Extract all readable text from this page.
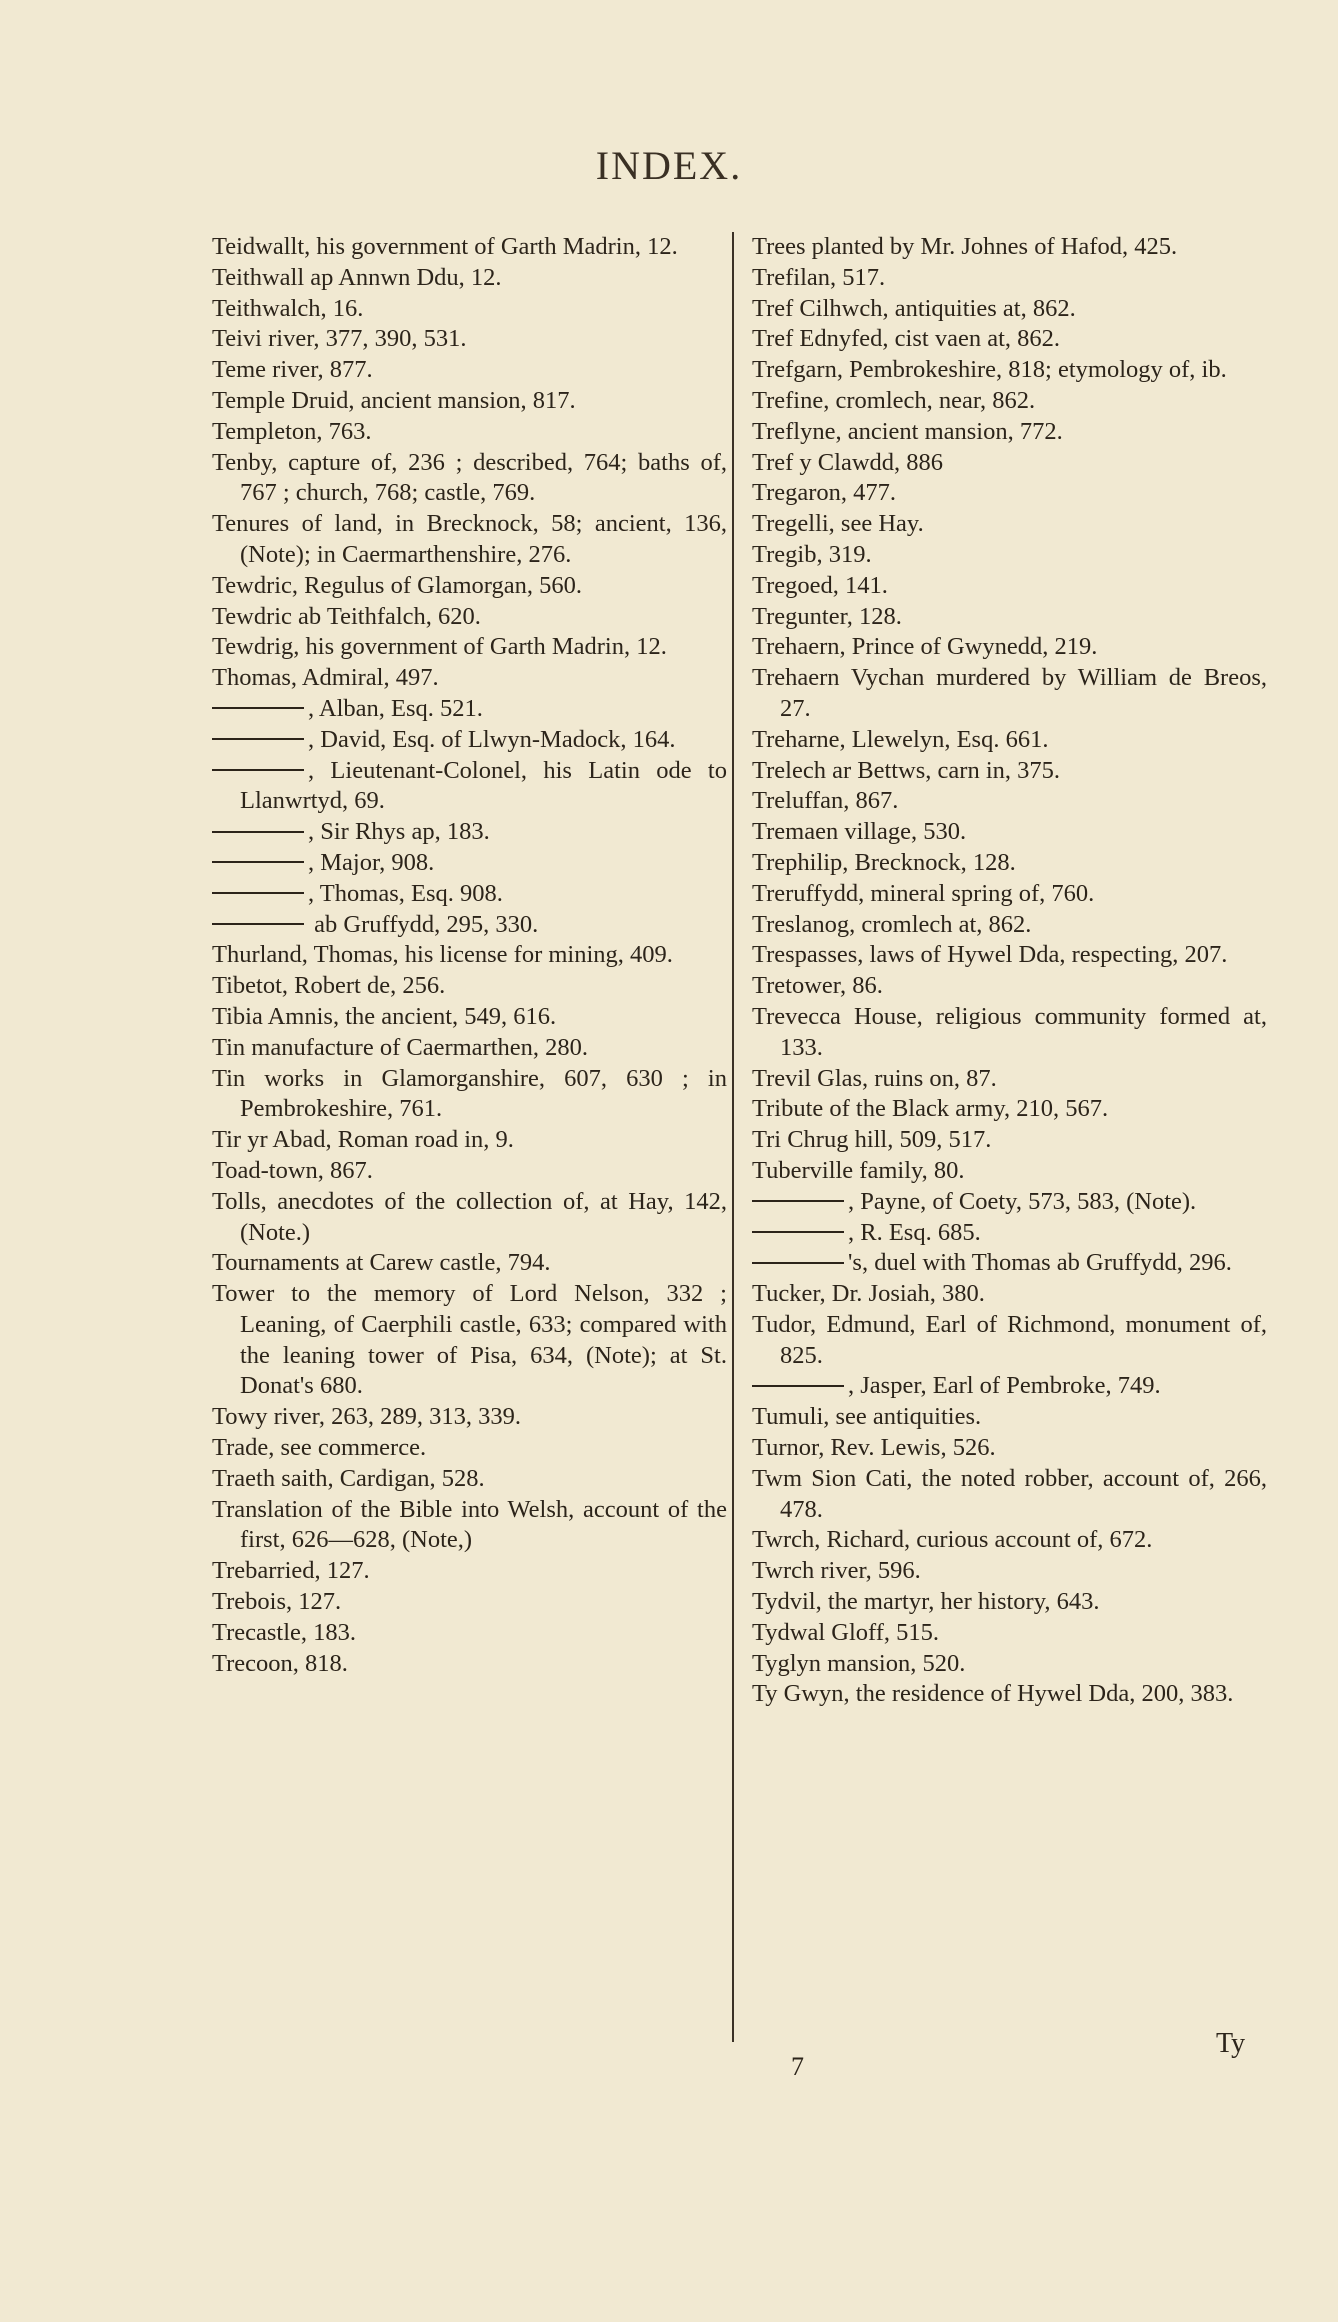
INDEX.
Teidwallt, his government of Garth Madrin, 12.
Teithwall ap Annwn Ddu, 12.
Teithwalch, 16.
Teivi river, 377, 390, 531.
Teme river, 877.
Temple Druid, ancient mansion, 817.
Templeton, 763.
Tenby, capture of, 236 ; described, 764; baths of, 767 ; church, 768; castle, 769.
Tenures of land, in Brecknock, 58; ancient, 136, (Note); in Caermarthenshire, 276.
Tewdric, Regulus of Glamorgan, 560.
Tewdric ab Teithfalch, 620.
Tewdrig, his government of Garth Madrin, 12.
Thomas, Admiral, 497.
, Alban, Esq. 521.
, David, Esq. of Llwyn-Madock, 164.
, Lieutenant-Colonel, his Latin ode to Llanwrtyd, 69.
, Sir Rhys ap, 183.
, Major, 908.
, Thomas, Esq. 908.
ab Gruffydd, 295, 330.
Thurland, Thomas, his license for mining, 409.
Tibetot, Robert de, 256.
Tibia Amnis, the ancient, 549, 616.
Tin manufacture of Caermarthen, 280.
Tin works in Glamorganshire, 607, 630 ; in Pembrokeshire, 761.
Tir yr Abad, Roman road in, 9.
Toad-town, 867.
Tolls, anecdotes of the collection of, at Hay, 142, (Note.)
Tournaments at Carew castle, 794.
Tower to the memory of Lord Nelson, 332 ; Leaning, of Caerphili castle, 633; compared with the leaning tower of Pisa, 634, (Note); at St. Donat's 680.
Towy river, 263, 289, 313, 339.
Trade, see commerce.
Traeth saith, Cardigan, 528.
Translation of the Bible into Welsh, account of the first, 626—628, (Note,)
Trebarried, 127.
Trebois, 127.
Trecastle, 183.
Trecoon, 818.
Trees planted by Mr. Johnes of Hafod, 425.
Trefilan, 517.
Tref Cilhwch, antiquities at, 862.
Tref Ednyfed, cist vaen at, 862.
Trefgarn, Pembrokeshire, 818; etymology of, ib.
Trefine, cromlech, near, 862.
Treflyne, ancient mansion, 772.
Tref y Clawdd, 886
Tregaron, 477.
Tregelli, see Hay.
Tregib, 319.
Tregoed, 141.
Tregunter, 128.
Trehaern, Prince of Gwynedd, 219.
Trehaern Vychan murdered by William de Breos, 27.
Treharne, Llewelyn, Esq. 661.
Trelech ar Bettws, carn in, 375.
Treluffan, 867.
Tremaen village, 530.
Trephilip, Brecknock, 128.
Treruffydd, mineral spring of, 760.
Treslanog, cromlech at, 862.
Trespasses, laws of Hywel Dda, respecting, 207.
Tretower, 86.
Trevecca House, religious community formed at, 133.
Trevil Glas, ruins on, 87.
Tribute of the Black army, 210, 567.
Tri Chrug hill, 509, 517.
Tuberville family, 80.
, Payne, of Coety, 573, 583, (Note).
, R. Esq. 685.
's, duel with Thomas ab Gruffydd, 296.
Tucker, Dr. Josiah, 380.
Tudor, Edmund, Earl of Richmond, monument of, 825.
, Jasper, Earl of Pembroke, 749.
Tumuli, see antiquities.
Turnor, Rev. Lewis, 526.
Twm Sion Cati, the noted robber, account of, 266, 478.
Twrch, Richard, curious account of, 672.
Twrch river, 596.
Tydvil, the martyr, her history, 643.
Tydwal Gloff, 515.
Tyglyn mansion, 520.
Ty Gwyn, the residence of Hywel Dda, 200, 383.
7
Ty
